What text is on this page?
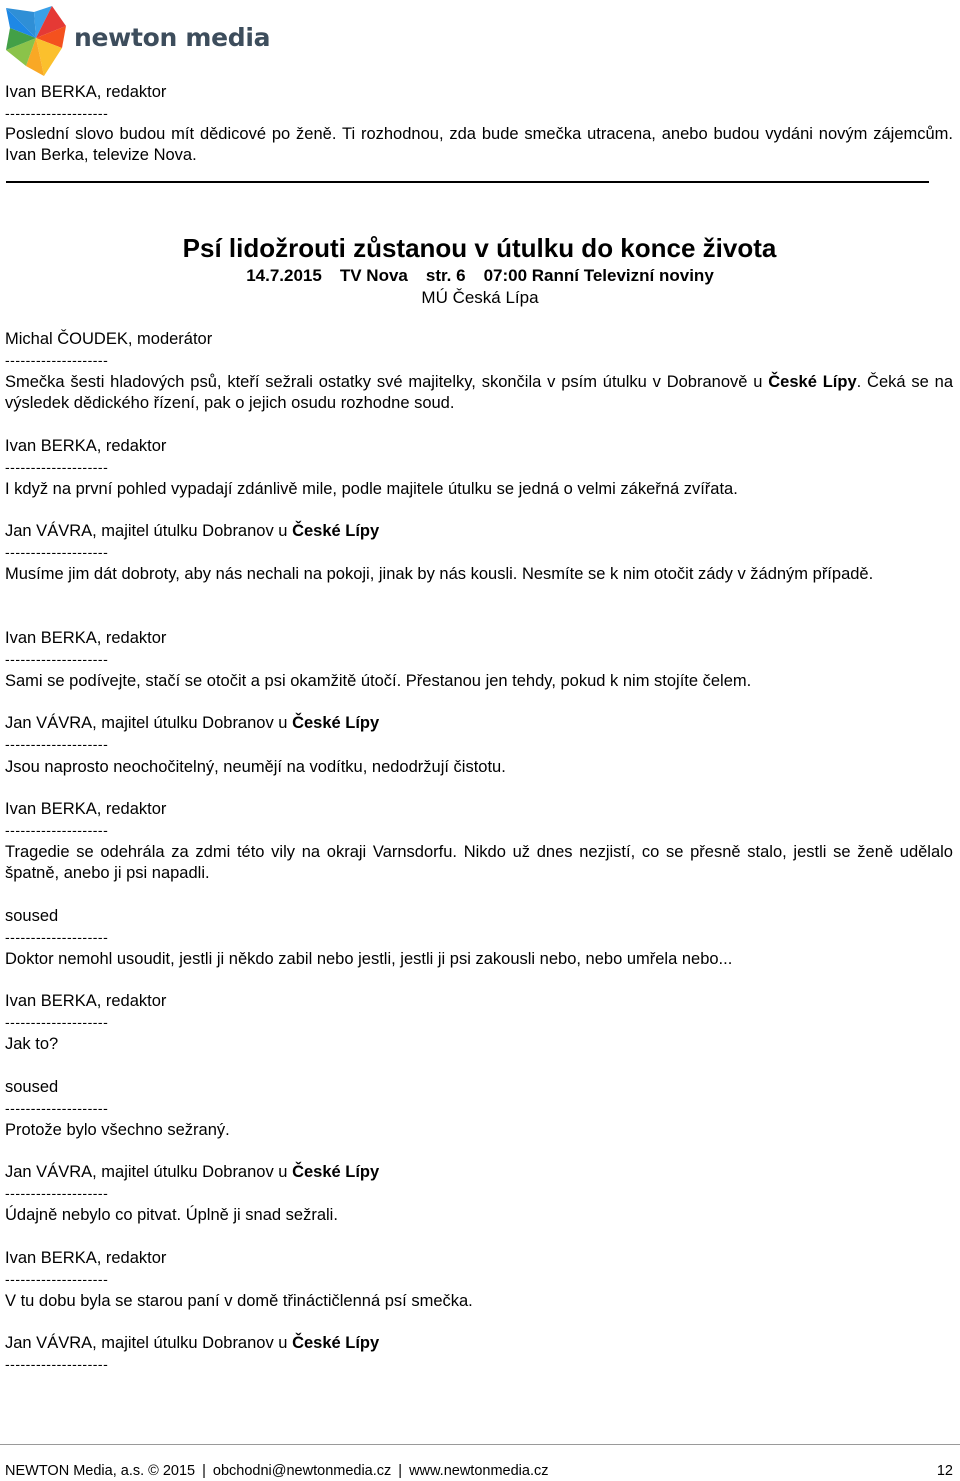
newton media
Ivan BERKA, redaktor
--------------------
Poslední slovo budou mít dědicové po ženě. Ti rozhodnou, zda bude smečka utracena, anebo budou vydáni novým zájemcům. Ivan Berka, televize Nova.
Psí lidožrouti zůstanou v útulku do konce života
14.7.2015 TV Nova str. 6 07:00 Ranní Televizní noviny
MÚ Česká Lípa
Michal ČOUDEK, moderátor
--------------------
Smečka šesti hladových psů, kteří sežrali ostatky své majitelky, skončila v psím útulku v Dobranově u České Lípy. Čeká se na výsledek dědického řízení, pak o jejich osudu rozhodne soud.
Ivan BERKA, redaktor
--------------------
I když na první pohled vypadají zdánlivě mile, podle majitele útulku se jedná o velmi zákeřná zvířata.
Jan VÁVRA, majitel útulku Dobranov u České Lípy
--------------------
Musíme jim dát dobroty, aby nás nechali na pokoji, jinak by nás kousli. Nesmíte se k nim otočit zády v žádným případě.
Ivan BERKA, redaktor
--------------------
Sami se podívejte, stačí se otočit a psi okamžitě útočí. Přestanou jen tehdy, pokud k nim stojíte čelem.
Jan VÁVRA, majitel útulku Dobranov u České Lípy
--------------------
Jsou naprosto neochočitelný, neumějí na vodítku, nedodržují čistotu.
Ivan BERKA, redaktor
--------------------
Tragedie se odehrála za zdmi této vily na okraji Varnsdorfu. Nikdo už dnes nezjistí, co se přesně stalo, jestli se ženě udělalo špatně, anebo ji psi napadli.
soused
--------------------
Doktor nemohl usoudit, jestli ji někdo zabil nebo jestli, jestli ji psi zakousli nebo, nebo umřela nebo...
Ivan BERKA, redaktor
--------------------
Jak to?
soused
--------------------
Protože bylo všechno sežraný.
Jan VÁVRA, majitel útulku Dobranov u České Lípy
--------------------
Údajně nebylo co pitvat. Úplně ji snad sežrali.
Ivan BERKA, redaktor
--------------------
V tu dobu byla se starou paní v domě třináctičlenná psí smečka.
Jan VÁVRA, majitel útulku Dobranov u České Lípy
--------------------
NEWTON Media, a.s. © 2015 | obchodni@newtonmedia.cz | www.newtonmedia.cz	12
